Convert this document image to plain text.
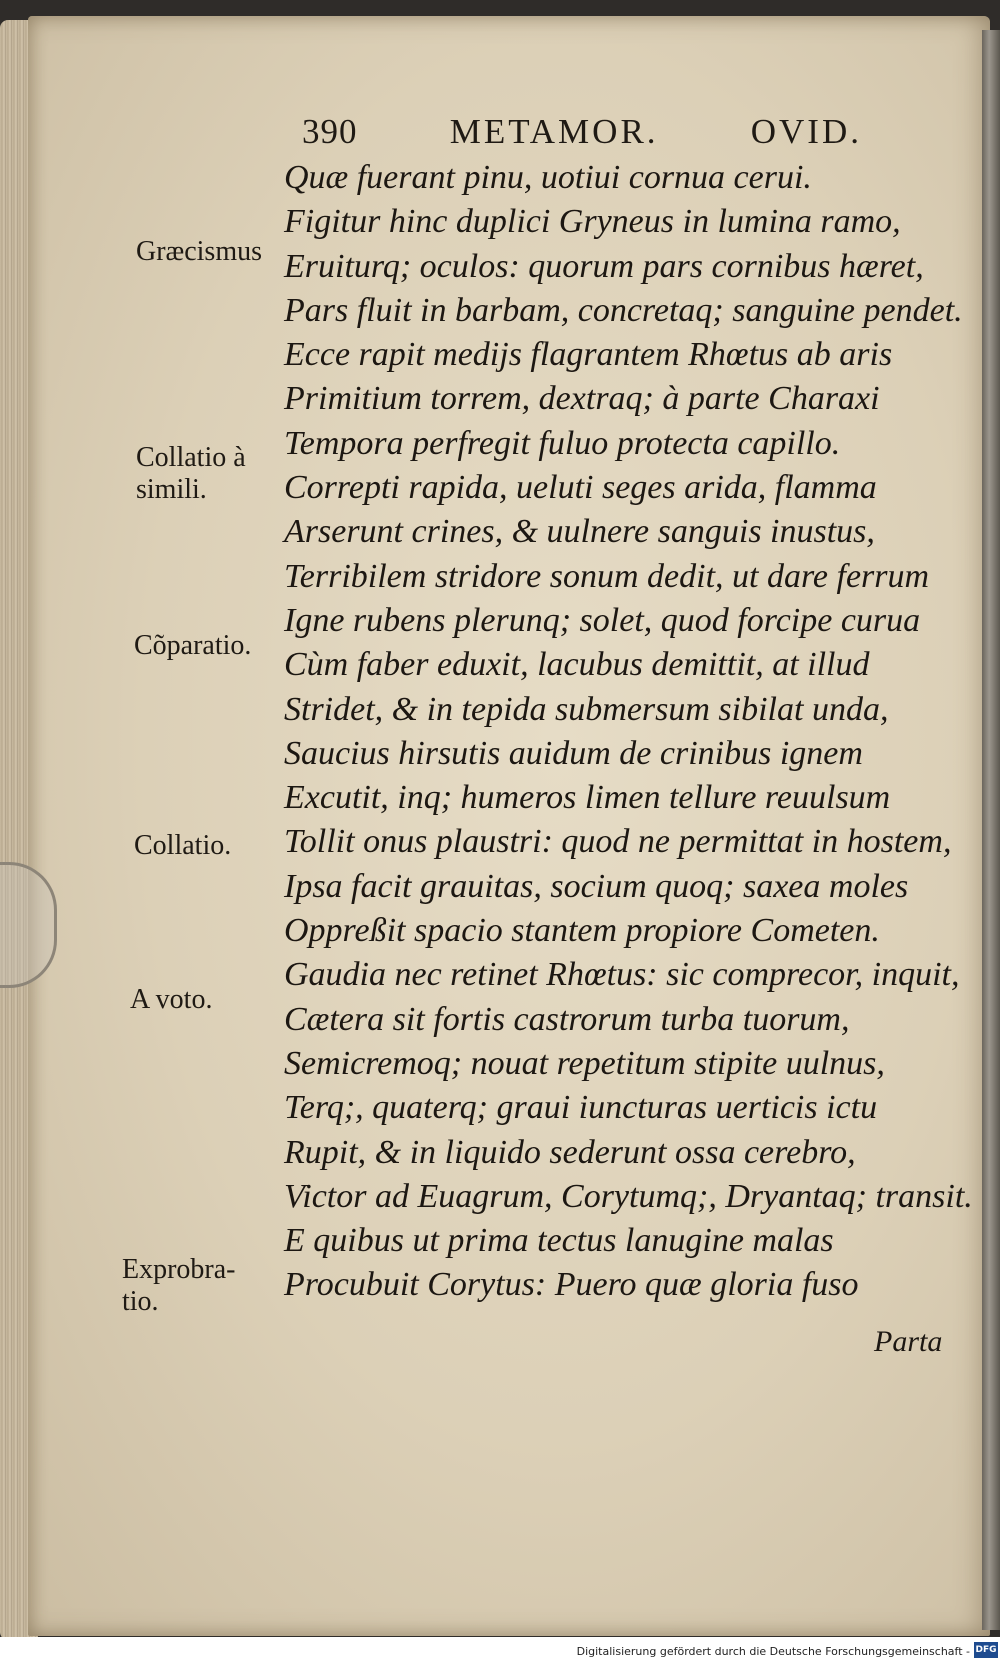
390	METAMOR.	OVID.
Quæ fuerant pinu, uotiui cornua cerui.
Figitur hinc duplici Gryneus in lumina ramo,
Eruiturq; oculos: quorum pars cornibus hæret,
Pars fluit in barbam, concretaq; sanguine pendet.
Ecce rapit medijs flagrantem Rhœtus ab aris
Primitium torrem, dextraq; à parte Charaxi
Tempora perfregit fuluo protecta capillo.
Correpti rapida, ueluti seges arida, flamma
Arserunt crines, & uulnere sanguis inustus,
Terribilem stridore sonum dedit, ut dare ferrum
Igne rubens plerunq; solet, quod forcipe curua
Cùm faber eduxit, lacubus demittit, at illud
Stridet, & in tepida submersum sibilat unda,
Saucius hirsutis auidum de crinibus ignem
Excutit, inq; humeros limen tellure reuulsum
Tollit onus plaustri: quod ne permittat in hostem,
Ipsa facit grauitas, socium quoq; saxea moles
Oppreßit spacio stantem propiore Cometen.
Gaudia nec retinet Rhœtus: sic comprecor, inquit,
Cætera sit fortis castrorum turba tuorum,
Semicremoq; nouat repetitum stipite uulnus,
Terq;, quaterq; graui iuncturas uerticis ictu
Rupit, & in liquido sederunt ossa cerebro,
Victor ad Euagrum, Corytumq;, Dryantaq; transit.
E quibus ut prima tectus lanugine malas
Procubuit Corytus: Puero quæ gloria fuso
Græcismus
Collatio à
simili.
Cõparatio.
Collatio.
A voto.
Exprobra-
tio.
Parta
Digitalisierung gefördert durch die Deutsche Forschungsgemeinschaft - DFG
